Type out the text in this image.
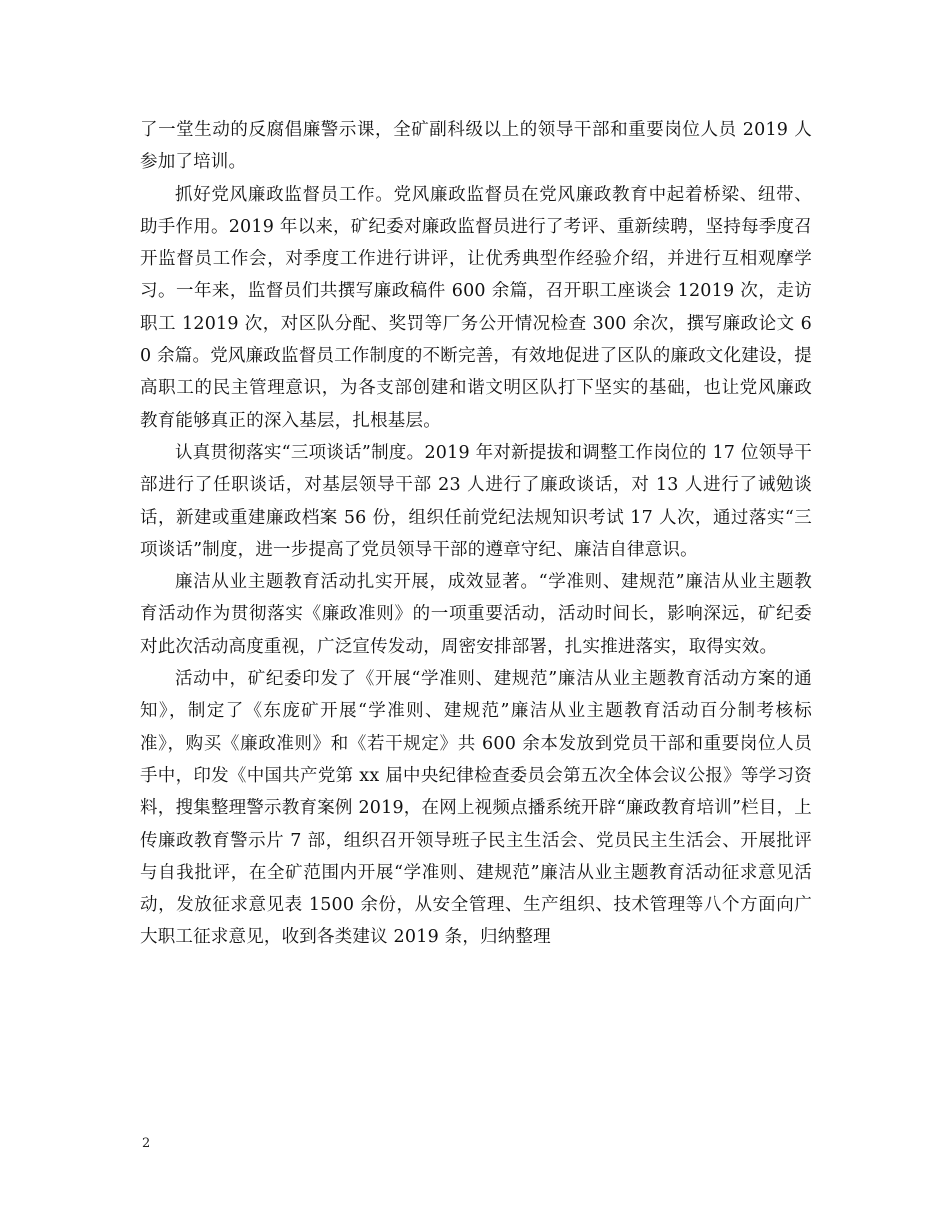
了一堂生动的反腐倡廉警示课，全矿副科级以上的领导干部和重要岗位人员 2019 人参加了培训。

抓好党风廉政监督员工作。党风廉政监督员在党风廉政教育中起着桥梁、纽带、助手作用。2019 年以来，矿纪委对廉政监督员进行了考评、重新续聘，坚持每季度召开监督员工作会，对季度工作进行讲评，让优秀典型作经验介绍，并进行互相观摩学习。一年来，监督员们共撰写廉政稿件 600 余篇，召开职工座谈会 12019 次，走访职工 12019 次，对区队分配、奖罚等厂务公开情况检查 300 余次，撰写廉政论文 60 余篇。党风廉政监督员工作制度的不断完善，有效地促进了区队的廉政文化建设，提高职工的民主管理意识，为各支部创建和谐文明区队打下坚实的基础，也让党风廉政教育能够真正的深入基层，扎根基层。

认真贯彻落实“三项谈话”制度。2019 年对新提拔和调整工作岗位的 17 位领导干部进行了任职谈话，对基层领导干部 23 人进行了廉政谈话，对 13 人进行了诫勉谈话，新建或重建廉政档案 56 份，组织任前党纪法规知识考试 17 人次，通过落实“三项谈话”制度，进一步提高了党员领导干部的遵章守纪、廉洁自律意识。

廉洁从业主题教育活动扎实开展，成效显著。“学准则、建规范”廉洁从业主题教育活动作为贯彻落实《廉政准则》的一项重要活动，活动时间长，影响深远，矿纪委对此次活动高度重视，广泛宣传发动，周密安排部署，扎实推进落实，取得实效。

活动中，矿纪委印发了《开展“学准则、建规范”廉洁从业主题教育活动方案的通知》，制定了《东庞矿开展“学准则、建规范”廉洁从业主题教育活动百分制考核标准》，购买《廉政准则》和《若干规定》共 600 余本发放到党员干部和重要岗位人员手中，印发《中国共产党第 xx 届中央纪律检查委员会第五次全体会议公报》等学习资料，搜集整理警示教育案例 2019，在网上视频点播系统开辟“廉政教育培训”栏目，上传廉政教育警示片 7 部，组织召开领导班子民主生活会、党员民主生活会、开展批评与自我批评，在全矿范围内开展“学准则、建规范”廉洁从业主题教育活动征求意见活动，发放征求意见表 1500 余份，从安全管理、生产组织、技术管理等八个方面向广大职工征求意见，收到各类建议 2019 条，归纳整理

2
